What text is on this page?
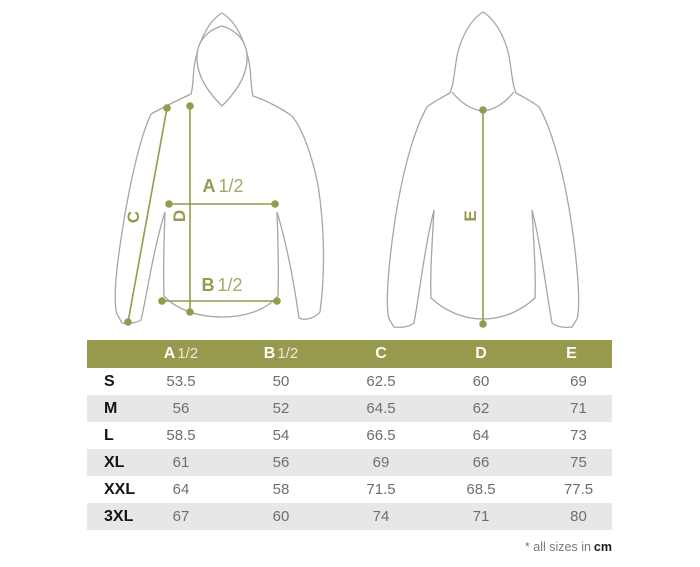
A 1/2
B 1/2
C D	E
	A 1/2	B 1/2	C	D	E
S	53.5	50	62.5	60	69
M	56	52	64.5	62	71
L	58.5	54	66.5	64	73
XL	61	56	69	66	75
XXL	64	58	71.5	68.5	77.5
3XL	67	60	74	71	80
* all sizes in cm
